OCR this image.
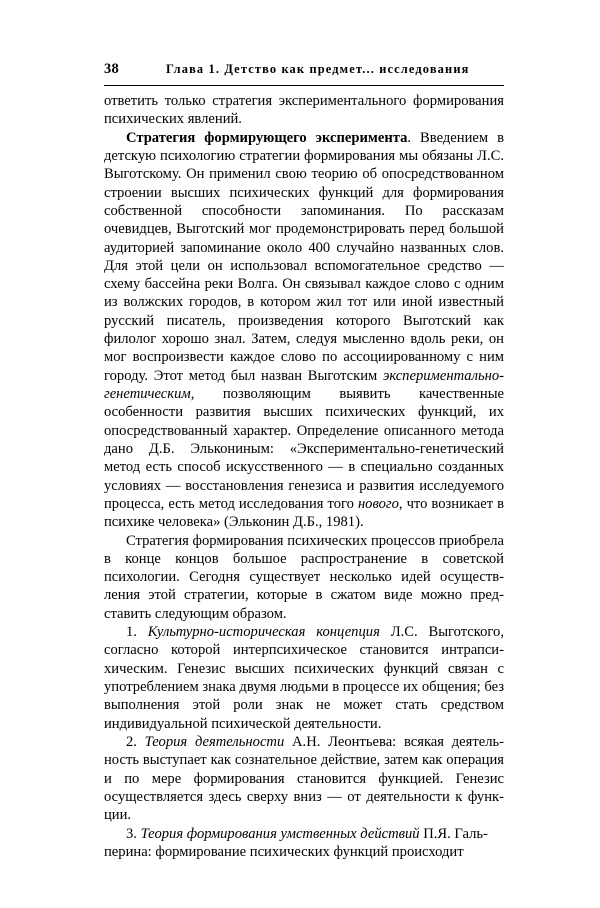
38	Глава 1. Детство как предмет... исследования

ответить только стратегия экспериментального формирования психических явлений.

Стратегия формирующего эксперимента. Введением в детскую психологию стратегии формирования мы обязаны Л.С. Выготскому. Он применил свою теорию об опосредствованном строении высших психических функций для формирования собственной способности запоминания. По рассказам очевидцев, Выготский мог продемонстрировать перед большой аудиторией запоминание около 400 случайно названных слов. Для этой цели он использовал вспомогательное средство — схему бассейна реки Волга. Он связывал каждое слово с одним из волжских городов, в котором жил тот или иной известный русский писатель, произведения которого Выготский как филолог хорошо знал. Затем, следуя мысленно вдоль реки, он мог воспроизвести каждое слово по ассоциированному с ним городу. Этот метод был назван Выготским экспериментально-генетическим, позволяющим выявить качественные особенности развития высших психических функций, их опосредствованный характер. Определение описанного метода дано Д.Б. Элькониным: «Экспериментально-генетический метод есть способ искусственного — в специально созданных условиях — восстановления генезиса и развития исследуемого процесса, есть метод исследования того нового, что возникает в психике человека» (Эльконин Д.Б., 1981).

Стратегия формирования психических процессов приобрела в конце концов большое распространение в советской психологии. Сегодня существует несколько идей осуществления этой стратегии, которые в сжатом виде можно представить следующим образом.

1. Культурно-историческая концепция Л.С. Выготского, согласно которой интерпсихическое становится интрапсихическим. Генезис высших психических функций связан с употреблением знака двумя людьми в процессе их общения; без выполнения этой роли знак не может стать средством индивидуальной психической деятельности.

2. Теория деятельности А.Н. Леонтьева: всякая деятельность выступает как сознательное действие, затем как операция и по мере формирования становится функцией. Генезис осуществляется здесь сверху вниз — от деятельности к функции.

3. Теория формирования умственных действий П.Я. Гальперина: формирование психических функций происходит
